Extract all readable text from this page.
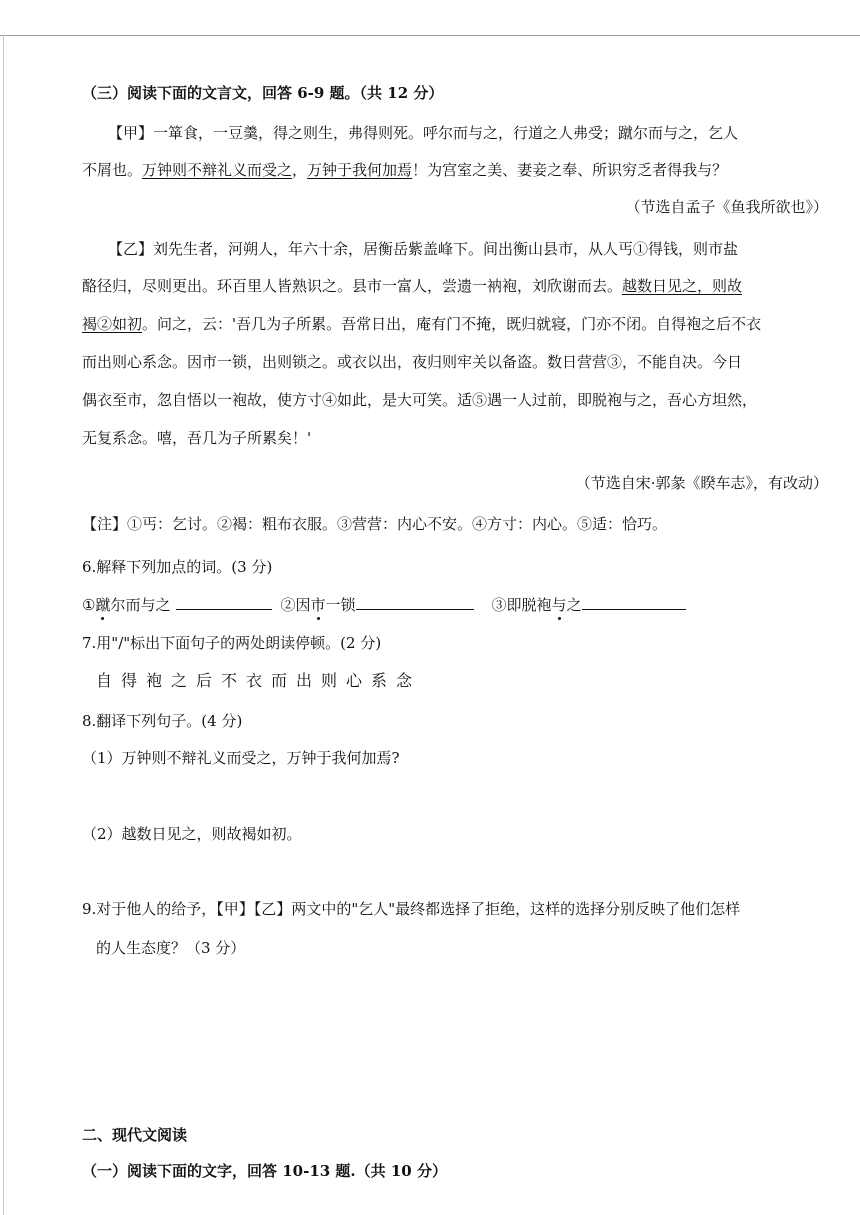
（三）阅读下面的文言文，回答 6-9 题。（共 12 分）
【甲】一箪食，一豆羹，得之则生，弗得则死。呼尔而与之，行道之人弗受；蹴尔而与之，乞人
不屑也。万钟则不辩礼义而受之，万钟于我何加焉！为宫室之美、妻妾之奉、所识穷乏者得我与？
（节选自孟子《鱼我所欲也》）
【乙】刘先生者，河朔人，年六十余，居衡岳紫盖峰下。间出衡山县市，从人丐①得钱，则市盐
酪径归，尽则更出。环百里人皆熟识之。县市一富人，尝遗一衲袍，刘欣谢而去。越数日见之，则故
褐②如初。问之，云：'吾几为子所累。吾常日出，庵有门不掩，既归就寝，门亦不闭。自得袍之后不衣
而出则心系念。因市一锁，出则锁之。或衣以出，夜归则牢关以备盗。数日营营③，不能自决。今日
偶衣至市，忽自悟以一袍故，使方寸④如此，是大可笑。适⑤遇一人过前，即脱袍与之，吾心方坦然，
无复系念。嘻，吾几为子所累矣！'
（节选自宋·郭彖《睽车志》，有改动）
【注】①丐：乞讨。②褐：粗布衣服。③营营：内心不安。④方寸：内心。⑤适：恰巧。
6.解释下列加点的词。(3 分)
①蹴尔而与之	②因市一锁	③即脱袍与之
7.用"/"标出下面句子的两处朗读停顿。(2 分)
自得袍之后不衣而出则心系念
8.翻译下列句子。(4 分)
（1）万钟则不辩礼义而受之，万钟于我何加焉?
（2）越数日见之，则故褐如初。
9.对于他人的给予，【甲】【乙】两文中的"乞人"最终都选择了拒绝，这样的选择分别反映了他们怎样
的人生态度？（3 分）
二、现代文阅读
（一）阅读下面的文字，回答 10-13 题.（共 10 分）
